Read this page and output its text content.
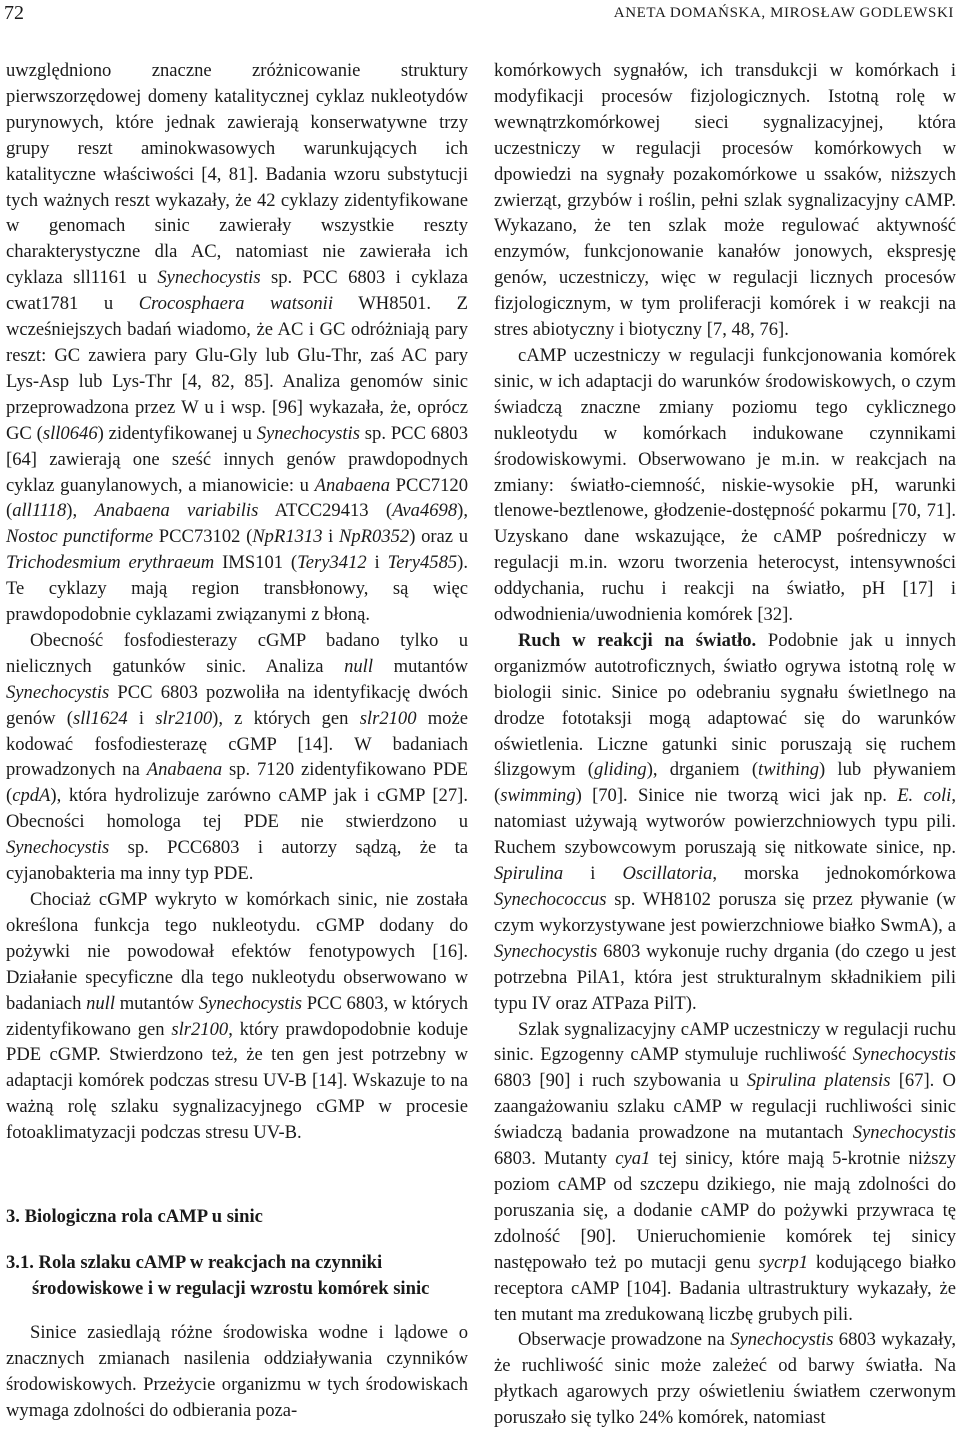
72	ANETA DOMAŃSKA, MIROSŁAW GODLEWSKI

uwzględniono znaczne zróżnicowanie struktury pierwszorzędowej domeny katalitycznej cyklaz nukleotydów purynowych, które jednak zawierają konserwatywne trzy grupy reszt aminokwasowych warunkujących ich katalityczne właściwości [4, 81]. Badania wzoru substytucji tych ważnych reszt wykazały, że 42 cyklazy zidentyfikowane w genomach sinic zawierały wszystkie reszty charakterystyczne dla AC, natomiast nie zawierała ich cyklaza sll1161 u Synechocystis sp. PCC 6803 i cyklaza cwat1781 u Crocosphaera watsonii WH8501. Z wcześniejszych badań wiadomo, że AC i GC odróżniają pary reszt: GC zawiera pary Glu-Gly lub Glu-Thr, zaś AC pary Lys-Asp lub Lys-Thr [4, 82, 85]. Analiza genomów sinic przeprowadzona przez W u i wsp. [96] wykazała, że, oprócz GC (sll0646) zidentyfikowanej u Synechocystis sp. PCC 6803 [64] zawierają one sześć innych genów prawdopodnych cyklaz guanylanowych, a mianowicie: u Anabaena PCC7120 (all1118), Anabaena variabilis ATCC29413 (Ava4698), Nostoc punctiforme PCC73102 (NpR1313 i NpR0352) oraz u Trichodesmium erythraeum IMS101 (Tery3412 i Tery4585). Te cyklazy mają region transbłonowy, są więc prawdopodobnie cyklazami związanymi z błoną.

Obecność fosfodiesterazy cGMP badano tylko u nielicznych gatunków sinic. Analiza null mutantów Synechocystis PCC 6803 pozwoliła na identyfikację dwóch genów (sll1624 i slr2100), z których gen slr2100 może kodować fosfodiesterazę cGMP [14]. W badaniach prowadzonych na Anabaena sp. 7120 zidentyfikowano PDE (cpdA), która hydrolizuje zarówno cAMP jak i cGMP [27]. Obecności homologa tej PDE nie stwierdzono u Synechocystis sp. PCC6803 i autorzy sądzą, że ta cyjanobakteria ma inny typ PDE.

Chociaż cGMP wykryto w komórkach sinic, nie została określona funkcja tego nukleotydu. cGMP dodany do pożywki nie powodował efektów fenotypowych [16]. Działanie specyficzne dla tego nukleotydu obserwowano w badaniach null mutantów Synechocystis PCC 6803, w których zidentyfikowano gen slr2100, który prawdopodobnie koduje PDE cGMP. Stwierdzono też, że ten gen jest potrzebny w adaptacji komórek podczas stresu UV-B [14]. Wskazuje to na ważną rolę szlaku sygnalizacyjnego cGMP w procesie fotoaklimatyzacji podczas stresu UV-B.

3. Biologiczna rola cAMP u sinic
3.1. Rola szlaku cAMP w reakcjach na czynniki środowiskowe i w regulacji wzrostu komórek sinic

Sinice zasiedlają różne środowiska wodne i lądowe o znacznych zmianach nasilenia oddziaływania czynników środowiskowych. Przeżycie organizmu w tych środowiskach wymaga zdolności do odbierania poza-

komórkowych sygnałów, ich transdukcji w komórkach i modyfikacji procesów fizjologicznych. Istotną rolę w wewnątrzkomórkowej sieci sygnalizacyjnej, która uczestniczy w regulacji procesów komórkowych w dpowiedzi na sygnały pozakomórkowe u ssaków, niższych zwierząt, grzybów i roślin, pełni szlak sygnalizacyjny cAMP. Wykazano, że ten szlak może regulować aktywność enzymów, funkcjonowanie kanałów jonowych, ekspresję genów, uczestniczy, więc w regulacji licznych procesów fizjologicznym, w tym proliferacji komórek i w reakcji na stres abiotyczny i biotyczny [7, 48, 76].

cAMP uczestniczy w regulacji funkcjonowania komórek sinic, w ich adaptacji do warunków środowiskowych, o czym świadczą znaczne zmiany poziomu tego cyklicznego nukleotydu w komórkach indukowane czynnikami środowiskowymi. Obserwowano je m.in. w reakcjach na zmiany: światło-ciemność, niskie-wysokie pH, warunki tlenowe-beztlenowe, głodzenie-dostępność pokarmu [70, 71]. Uzyskano dane wskazujące, że cAMP pośredniczy w regulacji m.in. wzoru tworzenia heterocyst, intensywności oddychania, ruchu i reakcji na światło, pH [17] i odwodnienia/uwodnienia komórek [32].

Ruch w reakcji na światło. Podobnie jak u innych organizmów autotroficznych, światło ogrywa istotną rolę w biologii sinic. Sinice po odebraniu sygnału świetlnego na drodze fototaksji mogą adaptować się do warunków oświetlenia. Liczne gatunki sinic poruszają się ruchem ślizgowym (gliding), drganiem (twithing) lub pływaniem (swimming) [70]. Sinice nie tworzą wici jak np. E. coli, natomiast używają wytworów powierzchniowych typu pili. Ruchem szybowcowym poruszają się nitkowate sinice, np. Spirulina i Oscillatoria, morska jednokomórkowa Synechococcus sp. WH8102 porusza się przez pływanie (w czym wykorzystywane jest powierzchniowe białko SwmA), a Synechocystis 6803 wykonuje ruchy drgania (do czego u jest potrzebna PilA1, która jest strukturalnym składnikiem pili typu IV oraz ATPaza PilT).

Szlak sygnalizacyjny cAMP uczestniczy w regulacji ruchu sinic. Egzogenny cAMP stymuluje ruchliwość Synechocystis 6803 [90] i ruch szybowania u Spirulina platensis [67]. O zaangażowaniu szlaku cAMP w regulacji ruchliwości sinic świadczą badania prowadzone na mutantach Synechocystis 6803. Mutanty cya1 tej sinicy, które mają 5-krotnie niższy poziom cAMP od szczepu dzikiego, nie mają zdolności do poruszania się, a dodanie cAMP do pożywki przywraca tę zdolność [90]. Unieruchomienie komórek tej sinicy następowało też po mutacji genu sycrp1 kodującego białko receptora cAMP [104]. Badania ultrastruktury wykazały, że ten mutant ma zredukowaną liczbę grubych pili.

Obserwacje prowadzone na Synechocystis 6803 wykazały, że ruchliwość sinic może zależeć od barwy światła. Na płytkach agarowych przy oświetleniu światłem czerwonym poruszało się tylko 24% komórek, natomiast
